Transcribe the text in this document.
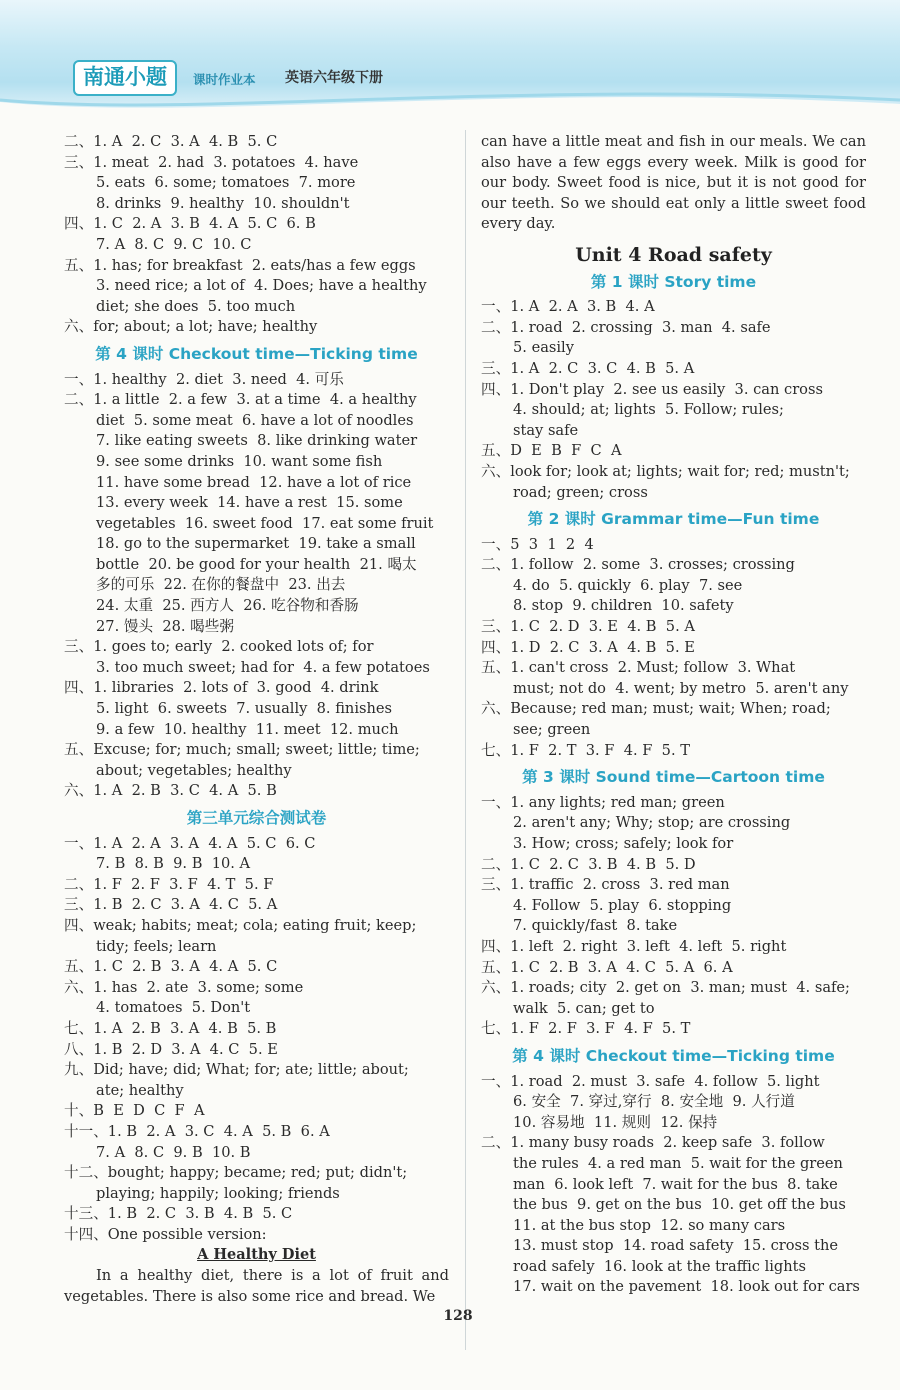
南通小题	课时作业本 英语六年级下册

二、1. A  2. C  3. A  4. B  5. C

三、1. meat  2. had  3. potatoes  4. have

5. eats  6. some; tomatoes  7. more

8. drinks  9. healthy  10. shouldn't

四、1. C  2. A  3. B  4. A  5. C  6. B

7. A  8. C  9. C  10. C

五、1. has; for breakfast  2. eats/has a few eggs

3. need rice; a lot of  4. Does; have a healthy

diet; she does  5. too much

六、for; about; a lot; have; healthy

第 4 课时 Checkout time—Ticking time

一、1. healthy  2. diet  3. need  4. 可乐

二、1. a little  2. a few  3. at a time  4. a healthy

diet  5. some meat  6. have a lot of noodles

7. like eating sweets  8. like drinking water

9. see some drinks  10. want some fish

11. have some bread  12. have a lot of rice

13. every week  14. have a rest  15. some

vegetables  16. sweet food  17. eat some fruit

18. go to the supermarket  19. take a small

bottle  20. be good for your health  21. 喝太

多的可乐  22. 在你的餐盘中  23. 出去

24. 太重  25. 西方人  26. 吃谷物和香肠

27. 馒头  28. 喝些粥

三、1. goes to; early  2. cooked lots of; for

3. too much sweet; had for  4. a few potatoes

四、1. libraries  2. lots of  3. good  4. drink

5. light  6. sweets  7. usually  8. finishes

9. a few  10. healthy  11. meet  12. much

五、Excuse; for; much; small; sweet; little; time;

about; vegetables; healthy

六、1. A  2. B  3. C  4. A  5. B

第三单元综合测试卷

一、1. A  2. A  3. A  4. A  5. C  6. C

7. B  8. B  9. B  10. A

二、1. F  2. F  3. F  4. T  5. F

三、1. B  2. C  3. A  4. C  5. A

四、weak; habits; meat; cola; eating fruit; keep;

tidy; feels; learn

五、1. C  2. B  3. A  4. A  5. C

六、1. has  2. ate  3. some; some

4. tomatoes  5. Don't

七、1. A  2. B  3. A  4. B  5. B

八、1. B  2. D  3. A  4. C  5. E

九、Did; have; did; What; for; ate; little; about;

ate; healthy

十、B  E  D  C  F  A

十一、1. B  2. A  3. C  4. A  5. B  6. A

7. A  8. C  9. B  10. B

十二、bought; happy; became; red; put; didn't;

playing; happily; looking; friends

十三、1. B  2. C  3. B  4. B  5. C

十四、One possible version:

A Healthy Diet

In a healthy diet, there is a lot of fruit and vegetables. There is also some rice and bread. We

can have a little meat and fish in our meals. We can also have a few eggs every week. Milk is good for our body. Sweet food is nice, but it is not good for our teeth. So we should eat only a little sweet food every day.

Unit 4 Road safety
第 1 课时 Story time

一、1. A  2. A  3. B  4. A

二、1. road  2. crossing  3. man  4. safe

5. easily

三、1. A  2. C  3. C  4. B  5. A

四、1. Don't play  2. see us easily  3. can cross

4. should; at; lights  5. Follow; rules;

stay safe

五、D  E  B  F  C  A

六、look for; look at; lights; wait for; red; mustn't;

road; green; cross

第 2 课时 Grammar time—Fun time

一、5  3  1  2  4

二、1. follow  2. some  3. crosses; crossing

4. do  5. quickly  6. play  7. see

8. stop  9. children  10. safety

三、1. C  2. D  3. E  4. B  5. A

四、1. D  2. C  3. A  4. B  5. E

五、1. can't cross  2. Must; follow  3. What

must; not do  4. went; by metro  5. aren't any

六、Because; red man; must; wait; When; road;

see; green

七、1. F  2. T  3. F  4. F  5. T

第 3 课时 Sound time—Cartoon time

一、1. any lights; red man; green

2. aren't any; Why; stop; are crossing

3. How; cross; safely; look for

二、1. C  2. C  3. B  4. B  5. D

三、1. traffic  2. cross  3. red man

4. Follow  5. play  6. stopping

7. quickly/fast  8. take

四、1. left  2. right  3. left  4. left  5. right

五、1. C  2. B  3. A  4. C  5. A  6. A

六、1. roads; city  2. get on  3. man; must  4. safe;

walk  5. can; get to

七、1. F  2. F  3. F  4. F  5. T

第 4 课时 Checkout time—Ticking time

一、1. road  2. must  3. safe  4. follow  5. light

6. 安全  7. 穿过,穿行  8. 安全地  9. 人行道

10. 容易地  11. 规则  12. 保持

二、1. many busy roads  2. keep safe  3. follow

the rules  4. a red man  5. wait for the green

man  6. look left  7. wait for the bus  8. take

the bus  9. get on the bus  10. get off the bus

11. at the bus stop  12. so many cars

13. must stop  14. road safety  15. cross the

road safely  16. look at the traffic lights

17. wait on the pavement  18. look out for cars

128
